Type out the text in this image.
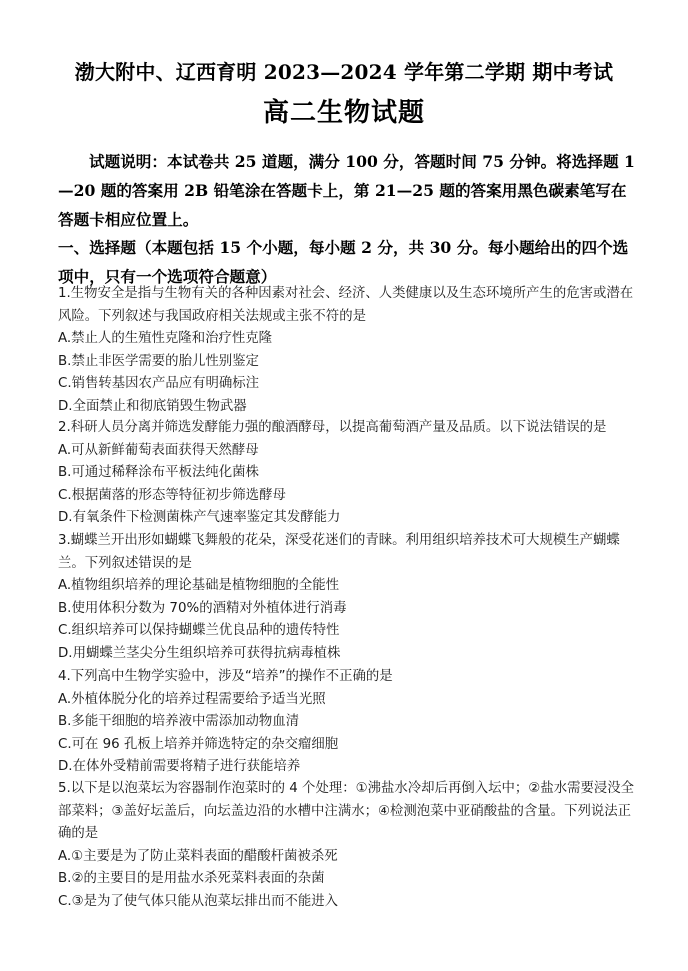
渤大附中、辽西育明 2023—2024 学年第二学期 期中考试
高二生物试题
试题说明：本试卷共 25 道题，满分 100 分，答题时间 75 分钟。将选择题 1—20 题的答案用 2B 铅笔涂在答题卡上，第 21—25 题的答案用黑色碳素笔写在答题卡相应位置上。
一、选择题（本题包括 15 个小题，每小题 2 分，共 30 分。每小题给出的四个选项中，只有一个选项符合题意）
1.生物安全是指与生物有关的各种因素对社会、经济、人类健康以及生态环境所产生的危害或潜在风险。下列叙述与我国政府相关法规或主张不符的是
A.禁止人的生殖性克隆和治疗性克隆
B.禁止非医学需要的胎儿性别鉴定
C.销售转基因农产品应有明确标注
D.全面禁止和彻底销毁生物武器
2.科研人员分离并筛选发酵能力强的酿酒酵母，以提高葡萄酒产量及品质。以下说法错误的是
A.可从新鲜葡萄表面获得天然酵母
B.可通过稀释涂布平板法纯化菌株
C.根据菌落的形态等特征初步筛选酵母
D.有氧条件下检测菌株产气速率鉴定其发酵能力
3.蝴蝶兰开出形如蝴蝶飞舞般的花朵，深受花迷们的青睐。利用组织培养技术可大规模生产蝴蝶兰。下列叙述错误的是
A.植物组织培养的理论基础是植物细胞的全能性
B.使用体积分数为 70%的酒精对外植体进行消毒
C.组织培养可以保持蝴蝶兰优良品种的遗传特性
D.用蝴蝶兰茎尖分生组织培养可获得抗病毒植株
4.下列高中生物学实验中，涉及“培养”的操作不正确的是
A.外植体脱分化的培养过程需要给予适当光照
B.多能干细胞的培养液中需添加动物血清
C.可在 96 孔板上培养并筛选特定的杂交瘤细胞
D.在体外受精前需要将精子进行获能培养
5.以下是以泡菜坛为容器制作泡菜时的 4 个处理：①沸盐水冷却后再倒入坛中；②盐水需要浸没全部菜料；③盖好坛盖后，向坛盖边沿的水槽中注满水；④检测泡菜中亚硝酸盐的含量。下列说法正确的是
A.①主要是为了防止菜料表面的醋酸杆菌被杀死
B.②的主要目的是用盐水杀死菜料表面的杂菌
C.③是为了使气体只能从泡菜坛排出而不能进入
